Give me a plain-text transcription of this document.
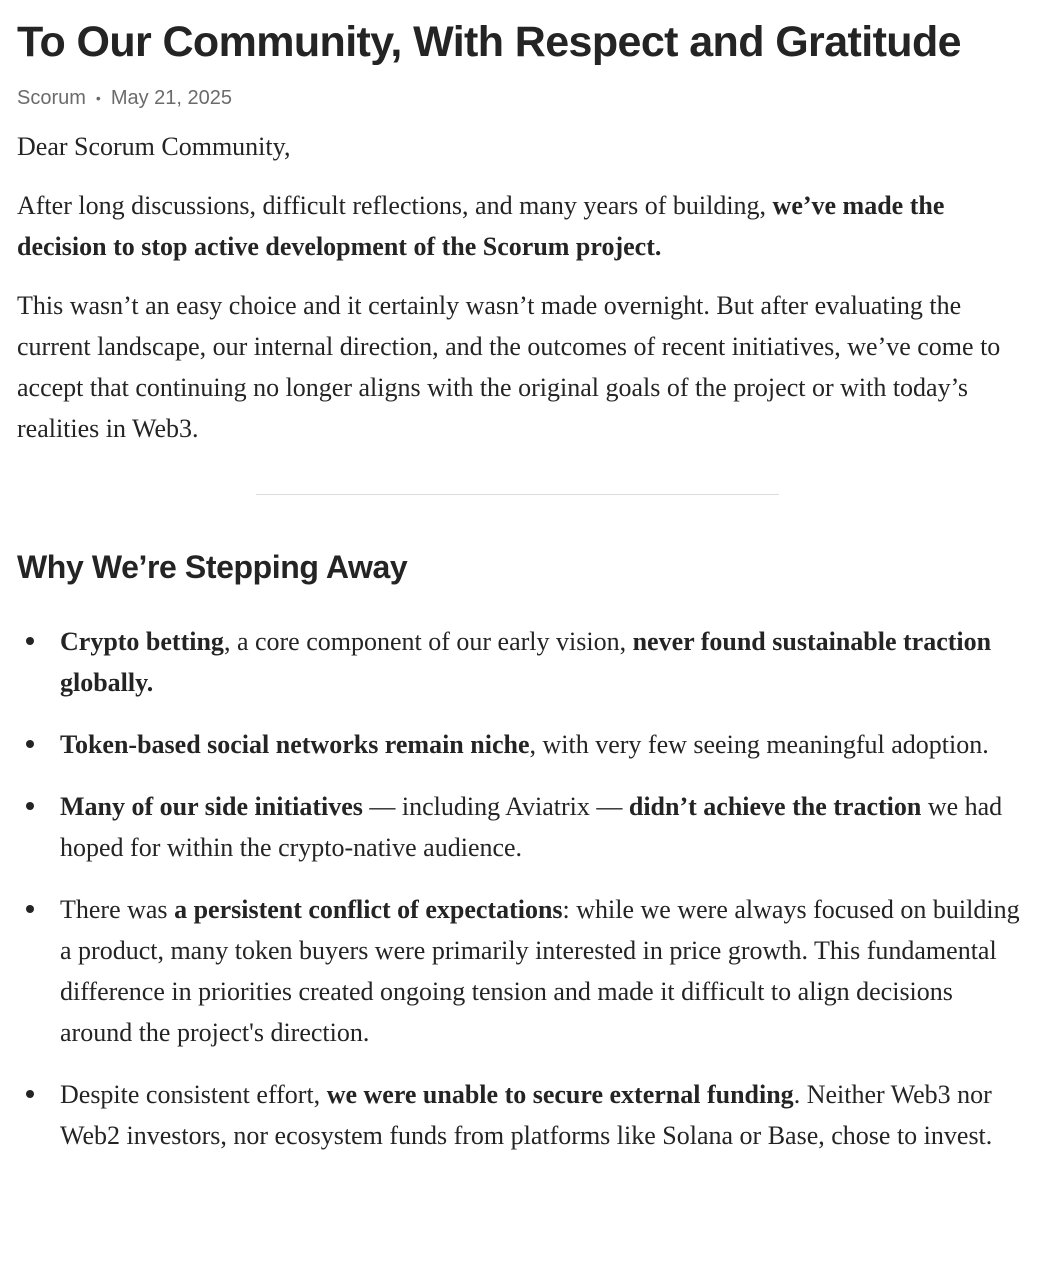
To Our Community, With Respect and Gratitude
Scorum • May 21, 2025

Dear Scorum Community,

After long discussions, difficult reflections, and many years of building, we’ve made the decision to stop active development of the Scorum project.

This wasn’t an easy choice and it certainly wasn’t made overnight. But after evaluating the current landscape, our internal direction, and the outcomes of recent initiatives, we’ve come to accept that continuing no longer aligns with the original goals of the project or with today’s realities in Web3.

Why We’re Stepping Away
Crypto betting, a core component of our early vision, never found sustainable traction globally.
Token-based social networks remain niche, with very few seeing meaningful adoption.
Many of our side initiatives — including Aviatrix — didn’t achieve the traction we had hoped for within the crypto-native audience.
There was a persistent conflict of expectations: while we were always focused on building a product, many token buyers were primarily interested in price growth. This fundamental difference in priorities created ongoing tension and made it difficult to align decisions around the project's direction.
Despite consistent effort, we were unable to secure external funding. Neither Web3 nor Web2 investors, nor ecosystem funds from platforms like Solana or Base, chose to invest.
